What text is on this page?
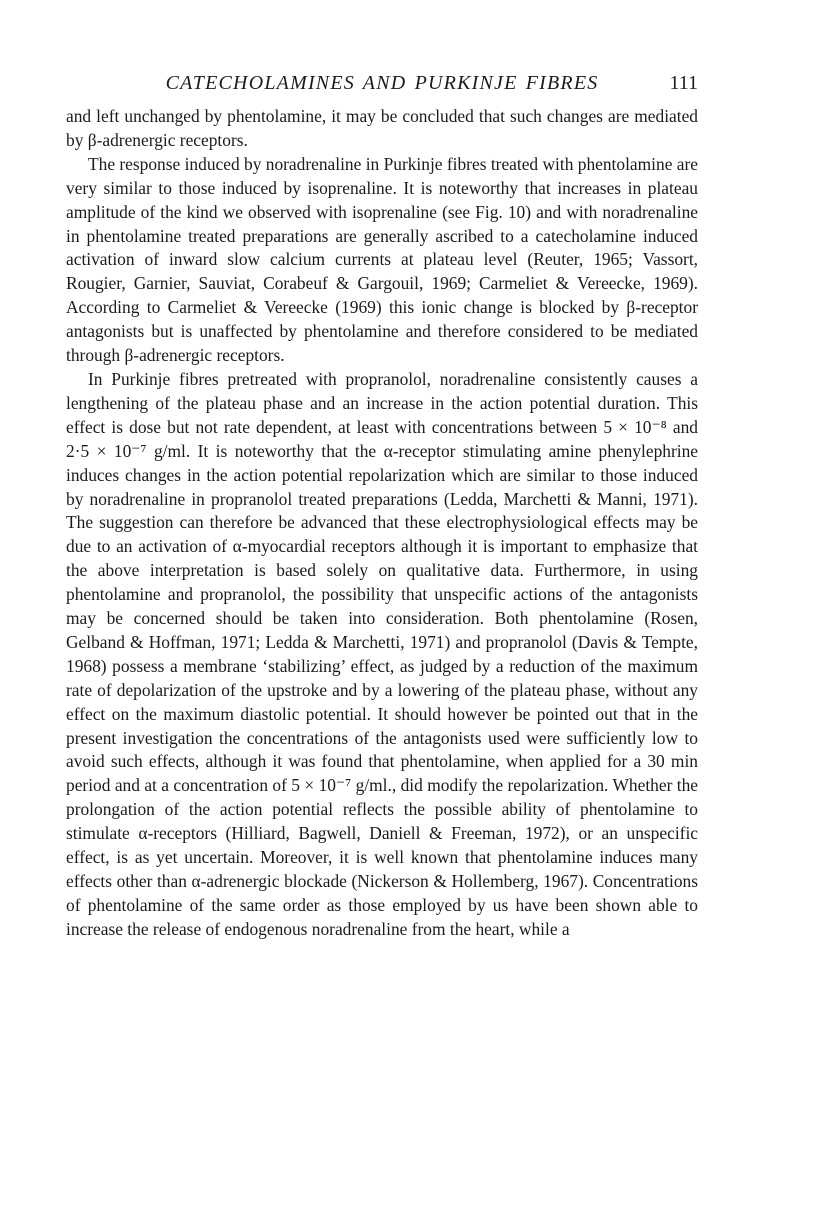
CATECHOLAMINES AND PURKINJE FIBRES	111

and left unchanged by phentolamine, it may be concluded that such changes are mediated by β-adrenergic receptors.

The response induced by noradrenaline in Purkinje fibres treated with phentolamine are very similar to those induced by isoprenaline. It is noteworthy that increases in plateau amplitude of the kind we observed with isoprenaline (see Fig. 10) and with noradrenaline in phentolamine treated preparations are generally ascribed to a catecholamine induced activation of inward slow calcium currents at plateau level (Reuter, 1965; Vassort, Rougier, Garnier, Sauviat, Corabeuf & Gargouil, 1969; Carmeliet & Vereecke, 1969). According to Carmeliet & Vereecke (1969) this ionic change is blocked by β-receptor antagonists but is unaffected by phentolamine and therefore considered to be mediated through β-adrenergic receptors.

In Purkinje fibres pretreated with propranolol, noradrenaline consistently causes a lengthening of the plateau phase and an increase in the action potential duration. This effect is dose but not rate dependent, at least with concentrations between 5 × 10⁻⁸ and 2·5 × 10⁻⁷ g/ml. It is noteworthy that the α-receptor stimulating amine phenylephrine induces changes in the action potential repolarization which are similar to those induced by noradrenaline in propranolol treated preparations (Ledda, Marchetti & Manni, 1971). The suggestion can therefore be advanced that these electrophysiological effects may be due to an activation of α-myocardial receptors although it is important to emphasize that the above interpretation is based solely on qualitative data. Furthermore, in using phentolamine and propranolol, the possibility that unspecific actions of the antagonists may be concerned should be taken into consideration. Both phentolamine (Rosen, Gelband & Hoffman, 1971; Ledda & Marchetti, 1971) and propranolol (Davis & Tempte, 1968) possess a membrane ‘stabilizing’ effect, as judged by a reduction of the maximum rate of depolarization of the upstroke and by a lowering of the plateau phase, without any effect on the maximum diastolic potential. It should however be pointed out that in the present investigation the concentrations of the antagonists used were sufficiently low to avoid such effects, although it was found that phentolamine, when applied for a 30 min period and at a concentration of 5 × 10⁻⁷ g/ml., did modify the repolarization. Whether the prolongation of the action potential reflects the possible ability of phentolamine to stimulate α-receptors (Hilliard, Bagwell, Daniell & Freeman, 1972), or an unspecific effect, is as yet uncertain. Moreover, it is well known that phentolamine induces many effects other than α-adrenergic blockade (Nickerson & Hollemberg, 1967). Concentrations of phentolamine of the same order as those employed by us have been shown able to increase the release of endogenous noradrenaline from the heart, while a
